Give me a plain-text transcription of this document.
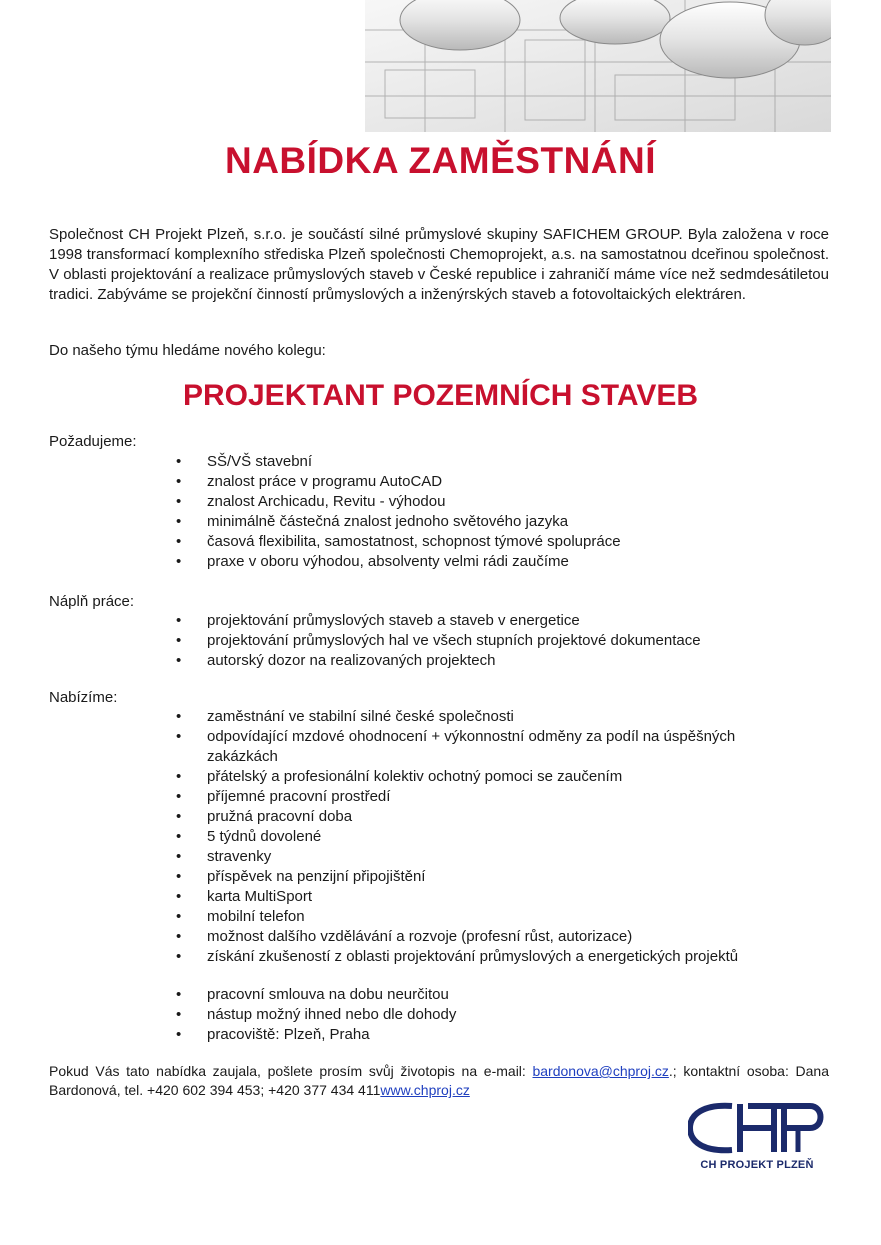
NABÍDKA ZAMĚSTNÁNÍ

Společnost CH Projekt Plzeň, s.r.o. je součástí silné průmyslové skupiny SAFICHEM GROUP. Byla založena v roce 1998 transformací komplexního střediska Plzeň společnosti Chemoprojekt, a.s. na samostatnou dceřinou společnost. V oblasti projektování a realizace průmyslových staveb v České republice i zahraničí máme více než sedmdesátiletou tradici. Zabýváme se projekční činností průmyslových a inženýrských staveb a fotovoltaických elektráren.

Do našeho týmu hledáme nového kolegu:

PROJEKTANT POZEMNÍCH STAVEB

Požadujeme:

• SŠ/VŠ stavební
• znalost práce v programu AutoCAD
• znalost Archicadu, Revitu - výhodou
• minimálně částečná znalost jednoho světového jazyka
• časová flexibilita, samostatnost, schopnost týmové spolupráce
• praxe v oboru výhodou, absolventy velmi rádi zaučíme

Náplň práce:

• projektování průmyslových staveb a staveb v energetice
• projektování průmyslových hal ve všech stupních projektové dokumentace
• autorský dozor na realizovaných projektech

Nabízíme:

• zaměstnání ve stabilní silné české společnosti
• odpovídající mzdové ohodnocení + výkonnostní odměny za podíl na úspěšných zakázkách
• přátelský a profesionální kolektiv ochotný pomoci se zaučením
• příjemné pracovní prostředí
• pružná pracovní doba
• 5 týdnů dovolené
• stravenky
• příspěvek na penzijní připojištění
• karta MultiSport
• mobilní telefon
• možnost dalšího vzdělávání a rozvoje (profesní růst, autorizace)
• získání zkušeností z oblasti projektování průmyslových a energetických projektů
• pracovní smlouva na dobu neurčitou
• nástup možný ihned nebo dle dohody
• pracoviště: Plzeň, Praha

Pokud Vás tato nabídka zaujala, pošlete prosím svůj životopis na e-mail: bardonova@chproj.cz.; kontaktní osoba: Dana Bardonová, tel. +420 602 394 453; +420 377 434 411www.chproj.cz

CH PROJEKT PLZEŇ
